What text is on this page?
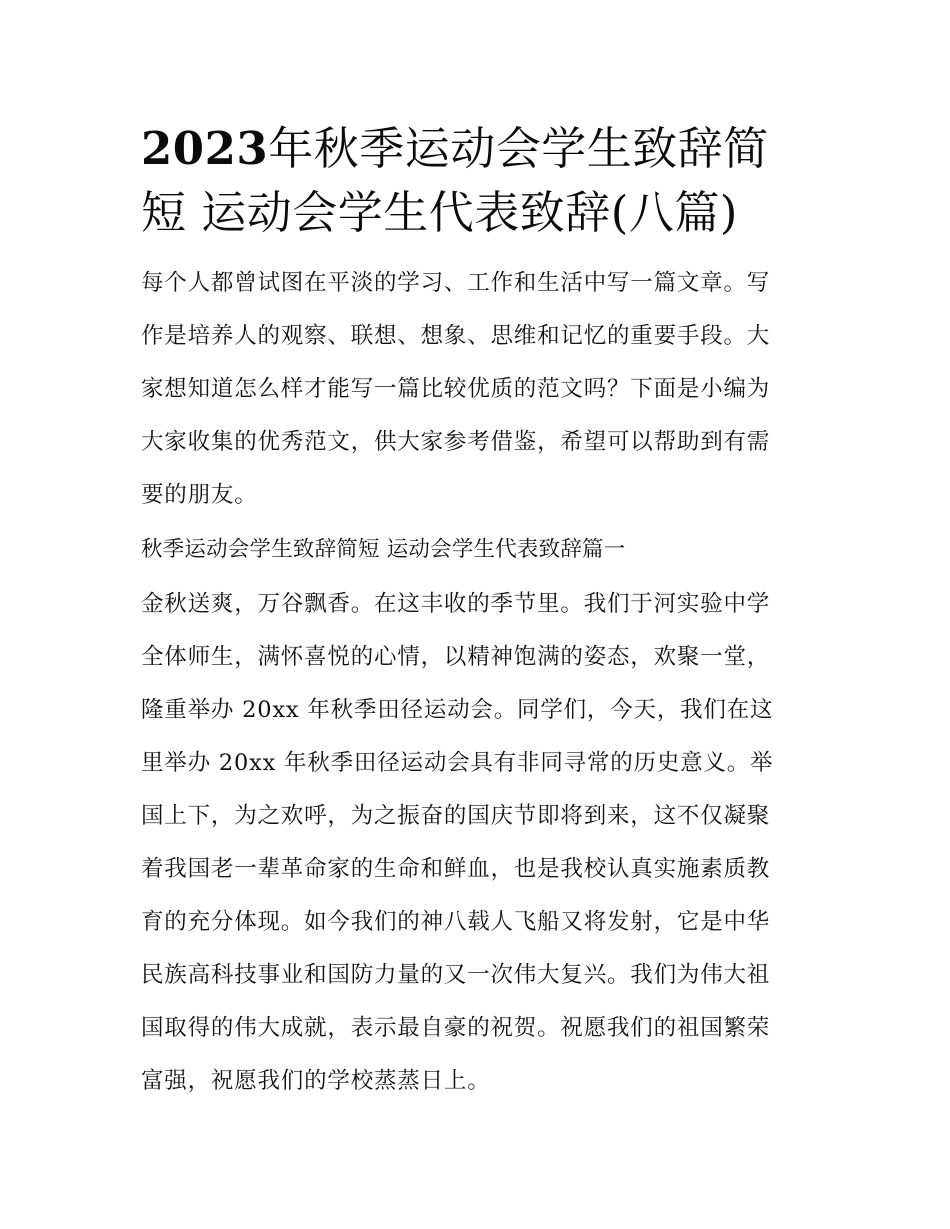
2023年秋季运动会学生致辞简
短 运动会学生代表致辞(八篇)

每个人都曾试图在平淡的学习、工作和生活中写一篇文章。写
作是培养人的观察、联想、想象、思维和记忆的重要手段。大
家想知道怎么样才能写一篇比较优质的范文吗？下面是小编为
大家收集的优秀范文，供大家参考借鉴，希望可以帮助到有需
要的朋友。

秋季运动会学生致辞简短 运动会学生代表致辞篇一

金秋送爽，万谷飘香。在这丰收的季节里。我们于河实验中学
全体师生，满怀喜悦的心情，以精神饱满的姿态，欢聚一堂，
隆重举办 20xx 年秋季田径运动会。同学们，今天，我们在这
里举办 20xx 年秋季田径运动会具有非同寻常的历史意义。举
国上下，为之欢呼，为之振奋的国庆节即将到来，这不仅凝聚
着我国老一辈革命家的生命和鲜血，也是我校认真实施素质教
育的充分体现。如今我们的神八载人飞船又将发射，它是中华
民族高科技事业和国防力量的又一次伟大复兴。我们为伟大祖
国取得的伟大成就，表示最自豪的祝贺。祝愿我们的祖国繁荣
富强，祝愿我们的学校蒸蒸日上。
